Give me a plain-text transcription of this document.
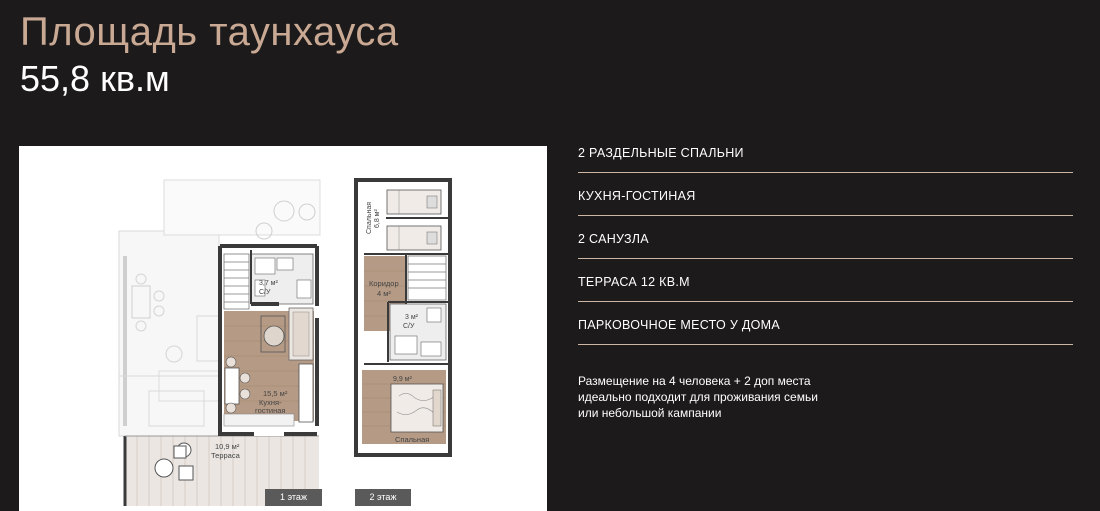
Площадь таунхауса
55,8 кв.м
3,7 м²
С/У
15,5 м²
Кухня-
гостиная
10,9 м²
Терраса
Спальная 6,8 м²
Коридор
4 м²
3 м²
С/У
9,9 м²
Спальная
1 этаж	2 этаж
2 РАЗДЕЛЬНЫЕ СПАЛЬНИ
КУХНЯ-ГОСТИНАЯ
2 САНУЗЛА
ТЕРРАСА 12 КВ.М
ПАРКОВОЧНОЕ МЕСТО У ДОМА
Размещение на 4 человека + 2 доп места
идеально подходит для проживания семьи
или небольшой кампании
